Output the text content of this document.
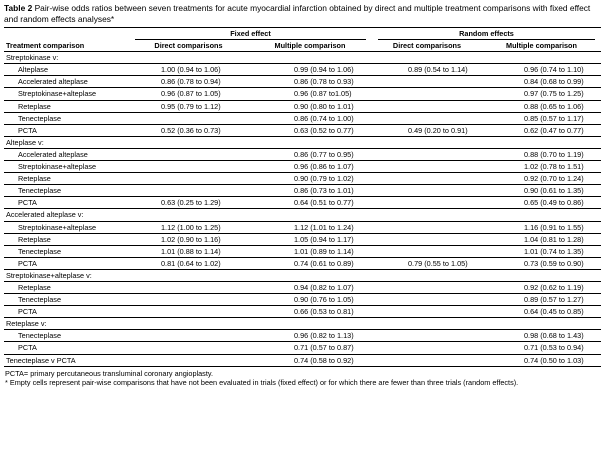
Table 2 Pair-wise odds ratios between seven treatments for acute myocardial infarction obtained by direct and multiple treatment comparisons with fixed effect and random effects analyses*

	Fixed effect		Random effects	

Treatment comparison	Direct comparisons	Multiple comparison	Direct comparisons	Multiple comparison
Streptokinase v:				
Alteplase	1.00 (0.94 to 1.06)	0.99 (0.94 to 1.06)	0.89 (0.54 to 1.14)	0.96 (0.74 to 1.10)
Accelerated alteplase	0.86 (0.78 to 0.94)	0.86 (0.78 to 0.93)		0.84 (0.68 to 0.99)
Streptokinase+alteplase	0.96 (0.87 to 1.05)	0.96 (0.87 to1.05)		0.97 (0.75 to 1.25)
Reteplase	0.95 (0.79 to 1.12)	0.90 (0.80 to 1.01)		0.88 (0.65 to 1.06)
Tenecteplase		0.86 (0.74 to 1.00)		0.85 (0.57 to 1.17)
PCTA	0.52 (0.36 to 0.73)	0.63 (0.52 to 0.77)	0.49 (0.20 to 0.91)	0.62 (0.47 to 0.77)
Alteplase v:				
Accelerated alteplase		0.86 (0.77 to 0.95)		0.88 (0.70 to 1.19)
Streptokinase+alteplase		0.96 (0.86 to 1.07)		1.02 (0.78 to 1.51)
Reteplase		0.90 (0.79 to 1.02)		0.92 (0.70 to 1.24)
Tenecteplase		0.86 (0.73 to 1.01)		0.90 (0.61 to 1.35)
PCTA	0.63 (0.25 to 1.29)	0.64 (0.51 to 0.77)		0.65 (0.49 to 0.86)
Accelerated alteplase v:				
Streptokinase+alteplase	1.12 (1.00 to 1.25)	1.12 (1.01 to 1.24)		1.16 (0.91 to 1.55)
Reteplase	1.02 (0.90 to 1.16)	1.05 (0.94 to 1.17)		1.04 (0.81 to 1.28)
Tenecteplase	1.01 (0.88 to 1.14)	1.01 (0.89 to 1.14)		1.01 (0.74 to 1.35)
PCTA	0.81 (0.64 to 1.02)	0.74 (0.61 to 0.89)	0.79 (0.55 to 1.05)	0.73 (0.59 to 0.90)
Streptokinase+alteplase v:				
Reteplase		0.94 (0.82 to 1.07)		0.92 (0.62 to 1.19)
Tenecteplase		0.90 (0.76 to 1.05)		0.89 (0.57 to 1.27)
PCTA		0.66 (0.53 to 0.81)		0.64 (0.45 to 0.85)
Reteplase v:				
Tenecteplase		0.96 (0.82 to 1.13)		0.98 (0.68 to 1.43)
PCTA		0.71 (0.57 to 0.87)		0.71 (0.53 to 0.94)
Tenecteplase v PCTA		0.74 (0.58 to 0.92)		0.74 (0.50 to 1.03)
PCTA= primary percutaneous transluminal coronary angioplasty.
* Empty cells represent pair-wise comparisons that have not been evaluated in trials (fixed effect) or for which there are fewer than three trials (random effects).
